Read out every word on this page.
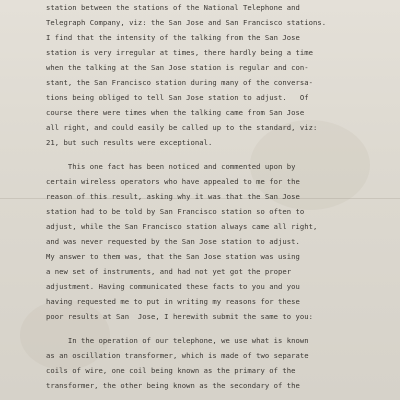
station between the stations of the National Telephone and
Telegraph Company, viz: the San Jose and San Francisco stations.
I find that the intensity of the talking from the San Jose
station is very irregular at times, there hardly being a time
when the talking at the San Jose station is regular and con-
stant, the San Francisco station during many of the conversa-
tions being obliged to tell San Jose station to adjust.   Of
course there were times when the talking came from San Jose
all right, and could easily be called up to the standard, viz:
21, but such results were exceptional.
This one fact has been noticed and commented upon by
certain wireless operators who have appealed to me for the
reason of this result, asking why it was that the San Jose
station had to be told by San Francisco station so often to
adjust, while the San Francisco station always came all right,
and was never requested by the San Jose station to adjust.
My answer to them was, that the San Jose station was using
a new set of instruments, and had not yet got the proper
adjustment. Having communicated these facts to you and you
having requested me to put in writing my reasons for these
poor results at San  Jose, I herewith submit the same to you:
In the operation of our telephone, we use what is known
as an oscillation transformer, which is made of two separate
coils of wire, one coil being known as the primary of the
transformer, the other being known as the secondary of the
